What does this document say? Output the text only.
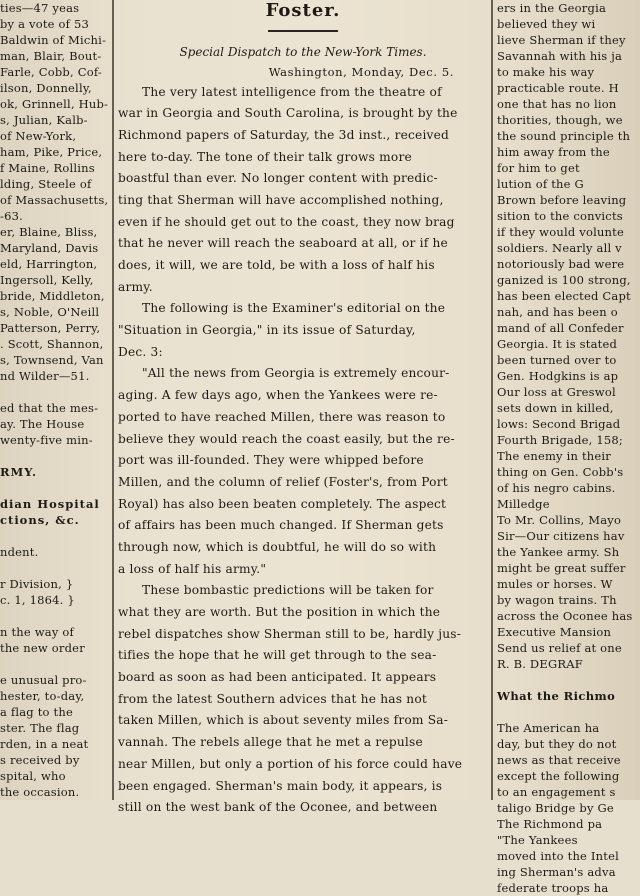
ties—47 yeas
by a vote of 53
Baldwin of Michi-
man, Blair, Bout-
Farle, Cobb, Cof-
ilson, Donnelly,
ok, Grinnell, Hub-
s, Julian, Kalb-
of New-York,
ham, Pike, Price,
f Maine, Rollins
lding, Steele of
of Massachusetts,
-63.
er, Blaine, Bliss,
Maryland, Davis
eld, Harrington,
Ingersoll, Kelly,
bride, Middleton,
s, Noble, O'Neill
Patterson, Perry,
. Scott, Shannon,
s, Townsend, Van
nd Wilder—51.
ed that the mes-
ay. The House
wenty-five min-
RMY.
dian Hospital
ctions, &c.
ndent.
r Division, }
c. 1, 1864. }
n the way of
the new order
e unusual pro-
hester, to-day,
a flag to the
ster. The flag
rden, in a neat
s received by
spital, who
the occasion.
Foster.
Special Dispatch to the New-York Times.
Washington, Monday, Dec. 5.
The very latest intelligence from the theatre of
war in Georgia and South Carolina, is brought by the
Richmond papers of Saturday, the 3d inst., received
here to-day. The tone of their talk grows more
boastful than ever. No longer content with predic-
ting that Sherman will have accomplished nothing,
even if he should get out to the coast, they now brag
that he never will reach the seaboard at all, or if he
does, it will, we are told, be with a loss of half his
army.
The following is the Examiner's editorial on the
"Situation in Georgia," in its issue of Saturday,
Dec. 3:
"All the news from Georgia is extremely encour-
aging. A few days ago, when the Yankees were re-
ported to have reached Millen, there was reason to
believe they would reach the coast easily, but the re-
port was ill-founded. They were whipped before
Millen, and the column of relief (Foster's, from Port
Royal) has also been beaten completely. The aspect
of affairs has been much changed. If Sherman gets
through now, which is doubtful, he will do so with
a loss of half his army."
These bombastic predictions will be taken for
what they are worth. But the position in which the
rebel dispatches show Sherman still to be, hardly jus-
tifies the hope that he will get through to the sea-
board as soon as had been anticipated. It appears
from the latest Southern advices that he has not
taken Millen, which is about seventy miles from Sa-
vannah. The rebels allege that he met a repulse
near Millen, but only a portion of his force could have
been engaged. Sherman's main body, it appears, is
still on the west bank of the Oconee, and between
ers in the Georgia
believed they wi
lieve Sherman if they
Savannah with his ja
to make his way
practicable route. H
one that has no lion
thorities, though, we
the sound principle th
him away from the
for him to get
lution of the G
Brown before leaving
sition to the convicts
if they would volunte
soldiers. Nearly all v
notoriously bad were
ganized is 100 strong,
has been elected Capt
nah, and has been o
mand of all Confeder
Georgia. It is stated
been turned over to
Gen. Hodgkins is ap
Our loss at Greswol
sets down in killed,
lows: Second Brigad
Fourth Brigade, 158;
The enemy in their
thing on Gen. Cobb's
of his negro cabins.
Milledge
To Mr. Collins, Mayo
Sir—Our citizens hav
the Yankee army. Sh
might be great suffer
mules or horses. W
by wagon trains. Th
across the Oconee has
Executive Mansion
Send us relief at one
R. B. DEGRAF
What the Richmo
The American ha
day, but they do not
news as that receive
except the following
to an engagement s
taligo Bridge by Ge
The Richmond pa
"The Yankees
moved into the Intel
ing Sherman's adva
federate troops ha
